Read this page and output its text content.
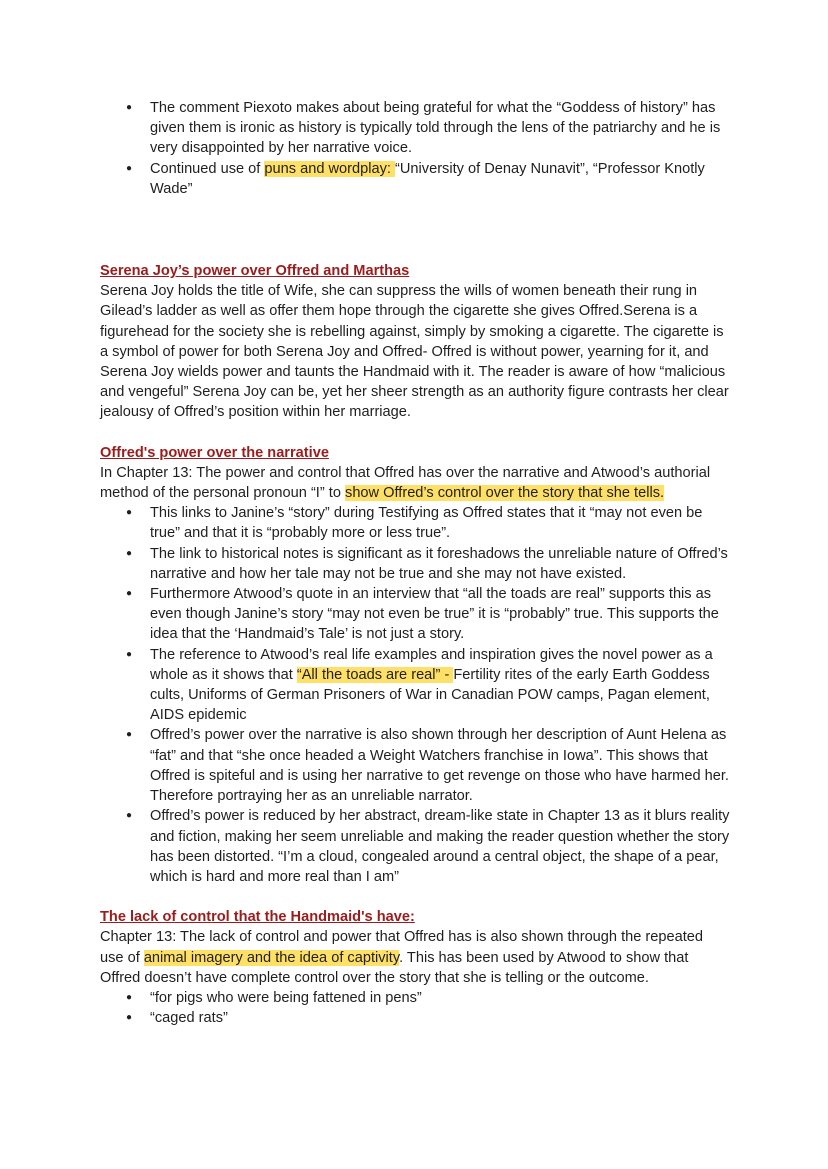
● The comment Piexoto makes about being grateful for what the “Goddess of history” has given them is ironic as history is typically told through the lens of the patriarchy and he is very disappointed by her narrative voice.
● Continued use of puns and wordplay: “University of Denay Nunavit”, “Professor Knotly Wade”
Serena Joy’s power over Offred and Marthas
Serena Joy holds the title of Wife, she can suppress the wills of women beneath their rung in Gilead’s ladder as well as offer them hope through the cigarette she gives Offred.Serena is a figurehead for the society she is rebelling against, simply by smoking a cigarette. The cigarette is a symbol of power for both Serena Joy and Offred- Offred is without power, yearning for it, and Serena Joy wields power and taunts the Handmaid with it. The reader is aware of how “malicious and vengeful” Serena Joy can be, yet her sheer strength as an authority figure contrasts her clear jealousy of Offred’s position within her marriage.
Offred's power over the narrative
In Chapter 13: The power and control that Offred has over the narrative and Atwood’s authorial method of the personal pronoun “I” to show Offred’s control over the story that she tells.
● This links to Janine’s “story” during Testifying as Offred states that it “may not even be true” and that it is “probably more or less true”.
● The link to historical notes is significant as it foreshadows the unreliable nature of Offred’s narrative and how her tale may not be true and she may not have existed.
● Furthermore Atwood’s quote in an interview that “all the toads are real” supports this as even though Janine’s story “may not even be true” it is “probably” true. This supports the idea that the ‘Handmaid’s Tale’ is not just a story.
● The reference to Atwood’s real life examples and inspiration gives the novel power as a whole as it shows that “All the toads are real” - Fertility rites of the early Earth Goddess cults, Uniforms of German Prisoners of War in Canadian POW camps, Pagan element, AIDS epidemic
● Offred’s power over the narrative is also shown through her description of Aunt Helena as “fat” and that “she once headed a Weight Watchers franchise in Iowa”. This shows that Offred is spiteful and is using her narrative to get revenge on those who have harmed her. Therefore portraying her as an unreliable narrator.
● Offred’s power is reduced by her abstract, dream-like state in Chapter 13 as it blurs reality and fiction, making her seem unreliable and making the reader question whether the story has been distorted. “I’m a cloud, congealed around a central object, the shape of a pear, which is hard and more real than I am”
The lack of control that the Handmaid's have:
Chapter 13: The lack of control and power that Offred has is also shown through the repeated use of animal imagery and the idea of captivity. This has been used by Atwood to show that Offred doesn’t have complete control over the story that she is telling or the outcome.
● “for pigs who were being fattened in pens”
● “caged rats”
